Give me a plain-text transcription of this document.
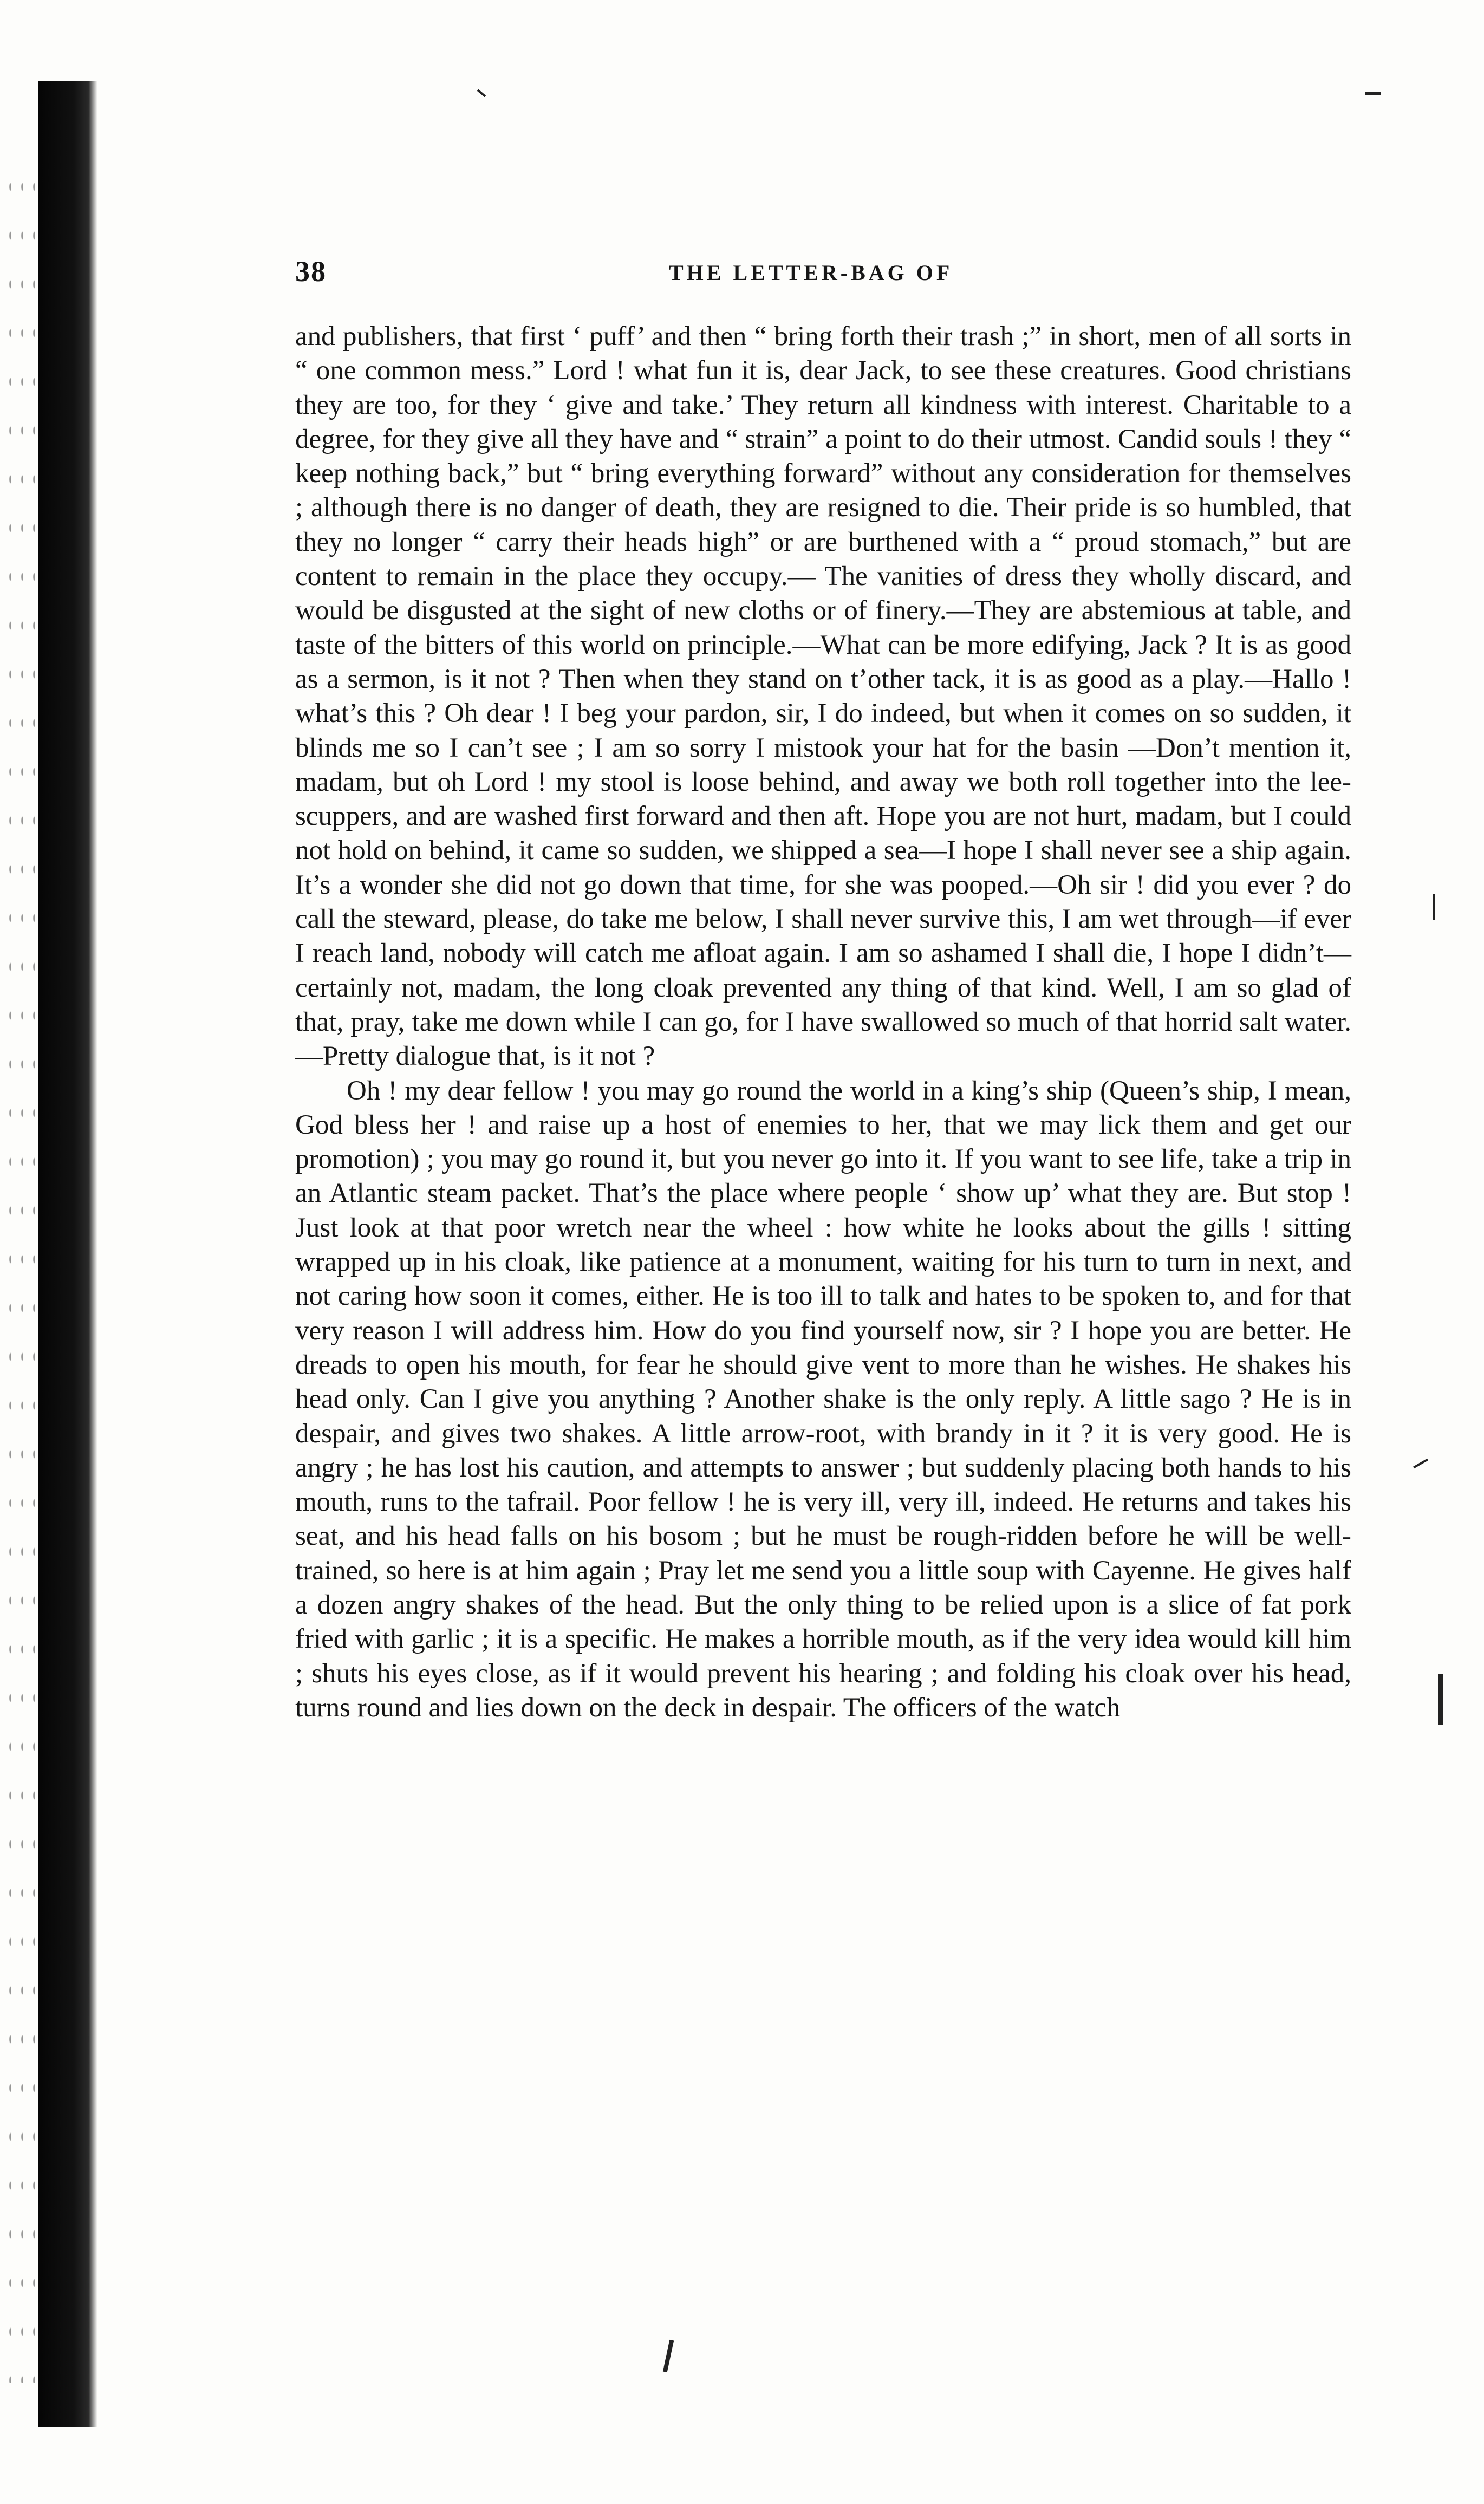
38	THE LETTER-BAG OF

and publishers, that first ‘ puff’ and then “ bring forth their trash ;” in short, men of all sorts in “ one common mess.” Lord ! what fun it is, dear Jack, to see these creatures. Good christians they are too, for they ‘ give and take.’ They return all kindness with interest. Charitable to a degree, for they give all they have and “ strain” a point to do their utmost. Candid souls ! they “ keep nothing back,” but “ bring everything forward” without any consideration for themselves ; although there is no danger of death, they are resigned to die. Their pride is so humbled, that they no longer “ carry their heads high” or are burthened with a “ proud stomach,” but are content to remain in the place they occupy.— The vanities of dress they wholly discard, and would be disgusted at the sight of new cloths or of finery.—They are abstemious at table, and taste of the bitters of this world on principle.—What can be more edifying, Jack ? It is as good as a sermon, is it not ? Then when they stand on t’other tack, it is as good as a play.—Hallo ! what’s this ? Oh dear ! I beg your pardon, sir, I do indeed, but when it comes on so sudden, it blinds me so I can’t see ; I am so sorry I mistook your hat for the basin —Don’t mention it, madam, but oh Lord ! my stool is loose behind, and away we both roll together into the lee-scuppers, and are washed first forward and then aft. Hope you are not hurt, madam, but I could not hold on behind, it came so sudden, we shipped a sea—I hope I shall never see a ship again. It’s a wonder she did not go down that time, for she was pooped.—Oh sir ! did you ever ? do call the steward, please, do take me below, I shall never survive this, I am wet through—if ever I reach land, nobody will catch me afloat again. I am so ashamed I shall die, I hope I didn’t—certainly not, madam, the long cloak prevented any thing of that kind. Well, I am so glad of that, pray, take me down while I can go, for I have swallowed so much of that horrid salt water.—Pretty dialogue that, is it not ?

Oh ! my dear fellow ! you may go round the world in a king’s ship (Queen’s ship, I mean, God bless her ! and raise up a host of enemies to her, that we may lick them and get our promotion) ; you may go round it, but you never go into it. If you want to see life, take a trip in an Atlantic steam packet. That’s the place where people ‘ show up’ what they are. But stop ! Just look at that poor wretch near the wheel : how white he looks about the gills ! sitting wrapped up in his cloak, like patience at a monument, waiting for his turn to turn in next, and not caring how soon it comes, either. He is too ill to talk and hates to be spoken to, and for that very reason I will address him. How do you find yourself now, sir ? I hope you are better. He dreads to open his mouth, for fear he should give vent to more than he wishes. He shakes his head only. Can I give you anything ? Another shake is the only reply. A little sago ? He is in despair, and gives two shakes. A little arrow-root, with brandy in it ? it is very good. He is angry ; he has lost his caution, and attempts to answer ; but suddenly placing both hands to his mouth, runs to the tafrail. Poor fellow ! he is very ill, very ill, indeed. He returns and takes his seat, and his head falls on his bosom ; but he must be rough-ridden before he will be well-trained, so here is at him again ; Pray let me send you a little soup with Cayenne. He gives half a dozen angry shakes of the head. But the only thing to be relied upon is a slice of fat pork fried with garlic ; it is a specific. He makes a horrible mouth, as if the very idea would kill him ; shuts his eyes close, as if it would prevent his hearing ; and folding his cloak over his head, turns round and lies down on the deck in despair. The officers of the watch
